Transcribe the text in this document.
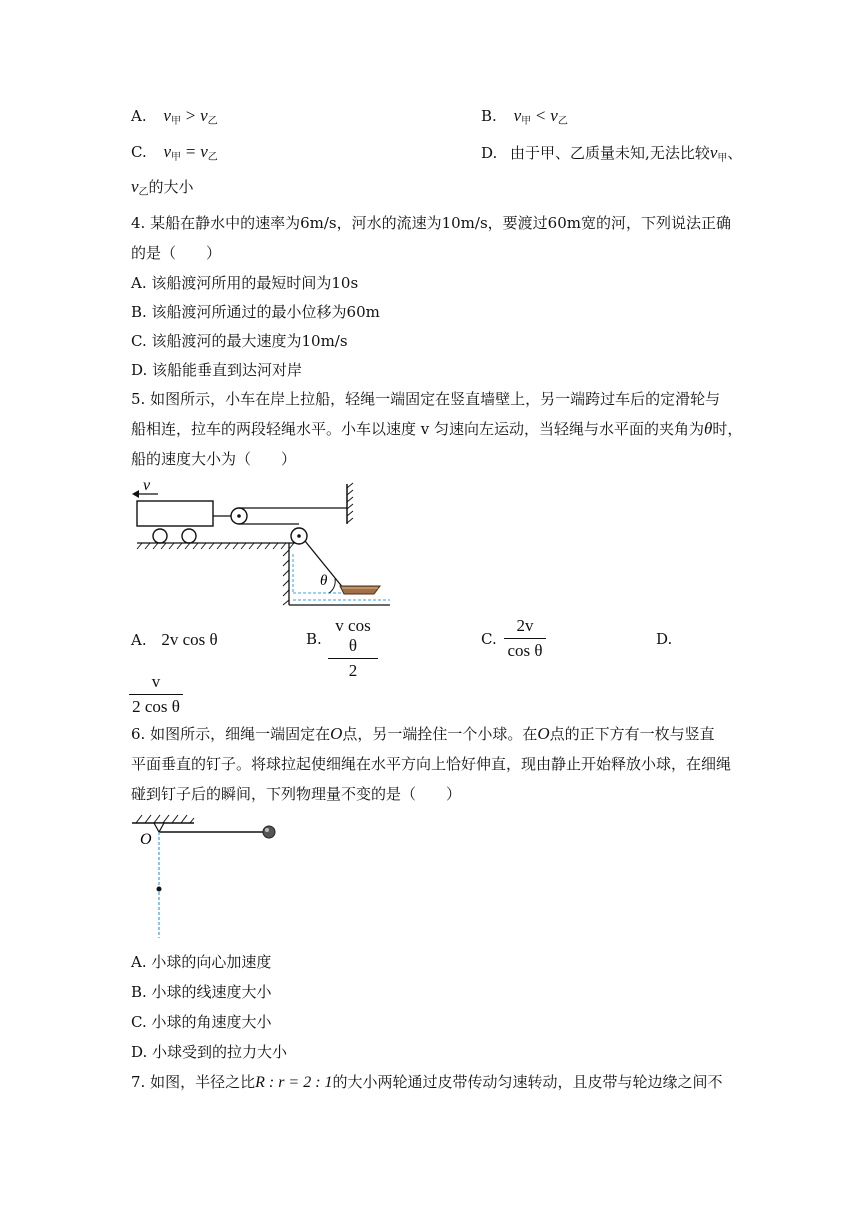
A. $v_甲 > v_乙$	B. $v_甲 < v_乙$
C. $v_甲 = v_乙$	D. 由于甲、乙质量未知,无法比较$v_甲$、
$v_乙$的大小
4. 某船在静水中的速率为6m/s，河水的流速为10m/s，要渡过60m宽的河，下列说法正确
的是（　　）
A. 该船渡河所用的最短时间为10s
B. 该船渡河所通过的最小位移为60m
C. 该船渡河的最大速度为10m/s
D. 该船能垂直到达河对岸
5. 如图所示，小车在岸上拉船，轻绳一端固定在竖直墙壁上，另一端跨过车后的定滑轮与
船相连，拉车的两段轻绳水平。小车以速度 v 匀速向左运动，当轻绳与水平面的夹角为θ时，
船的速度大小为（　　）
v
θ
A. 2v cos θ	B.
v cos θ
2
C.
2v
cos θ
D.
v
2 cos θ
6. 如图所示，细绳一端固定在O点，另一端拴住一个小球。在O点的正下方有一枚与竖直
平面垂直的钉子。将球拉起使细绳在水平方向上恰好伸直，现由静止开始释放小球，在细绳
碰到钉子后的瞬间，下列物理量不变的是（　　）
O
A. 小球的向心加速度
B. 小球的线速度大小
C. 小球的角速度大小
D. 小球受到的拉力大小
7. 如图，半径之比R : r = 2 : 1的大小两轮通过皮带传动匀速转动，且皮带与轮边缘之间不
